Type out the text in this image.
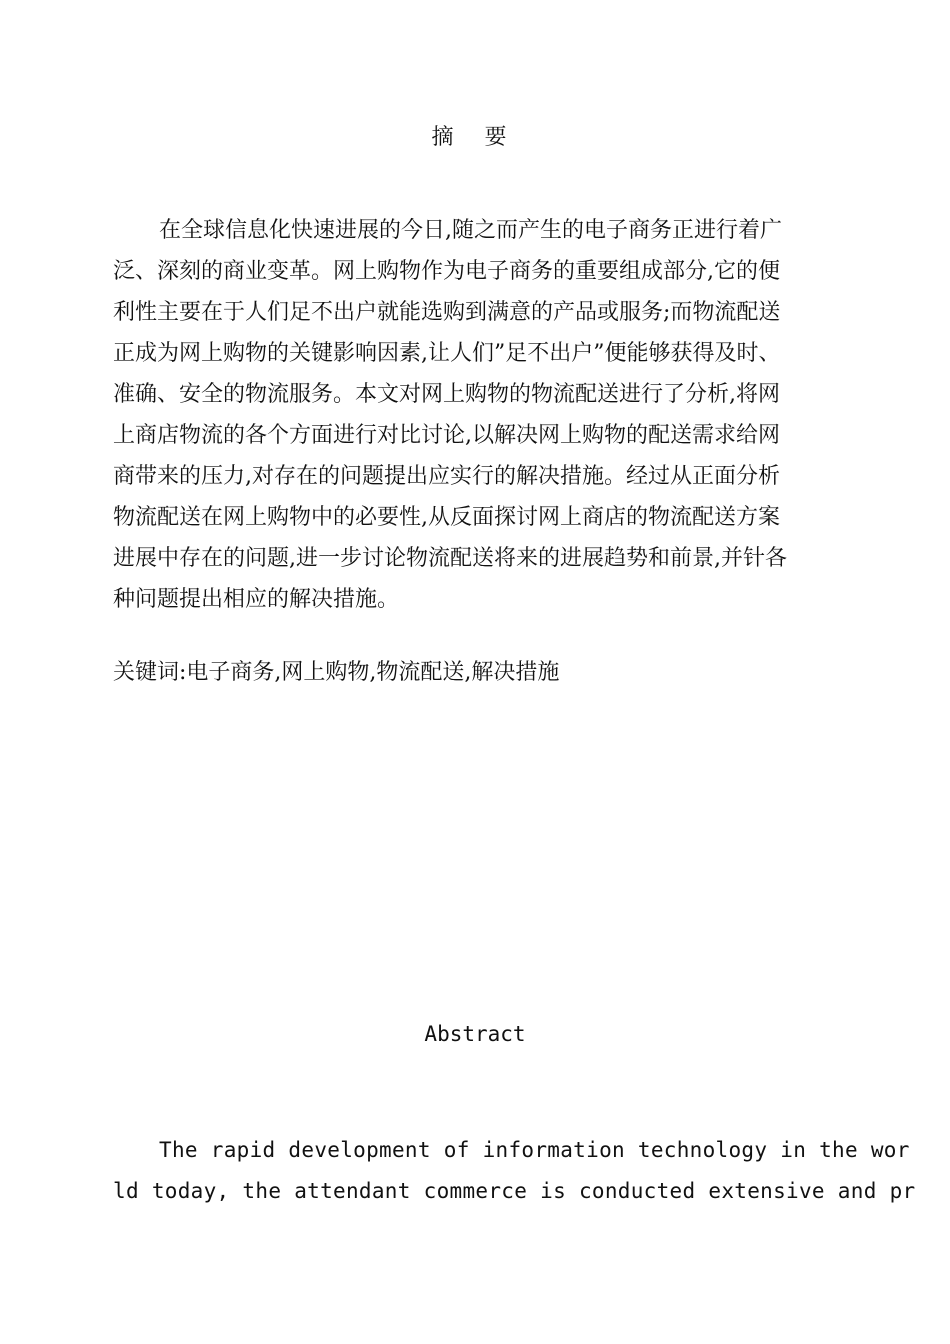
摘 要
在全球信息化快速进展的今日,随之而产生的电子商务正进行着广
泛、深刻的商业变革。网上购物作为电子商务的重要组成部分,它的便
利性主要在于人们足不出户就能选购到满意的产品或服务;而物流配送
正成为网上购物的关键影响因素,让人们”足不出户”便能够获得及时、
准确、安全的物流服务。本文对网上购物的物流配送进行了分析,将网
上商店物流的各个方面进行对比讨论,以解决网上购物的配送需求给网
商带来的压力,对存在的问题提出应实行的解决措施。经过从正面分析
物流配送在网上购物中的必要性,从反面探讨网上商店的物流配送方案
进展中存在的问题,进一步讨论物流配送将来的进展趋势和前景,并针各
种问题提出相应的解决措施。
关键词:电子商务,网上购物,物流配送,解决措施
Abstract
The rapid development of information technology in the wor
ld today, the attendant commerce is conducted extensive and pr
